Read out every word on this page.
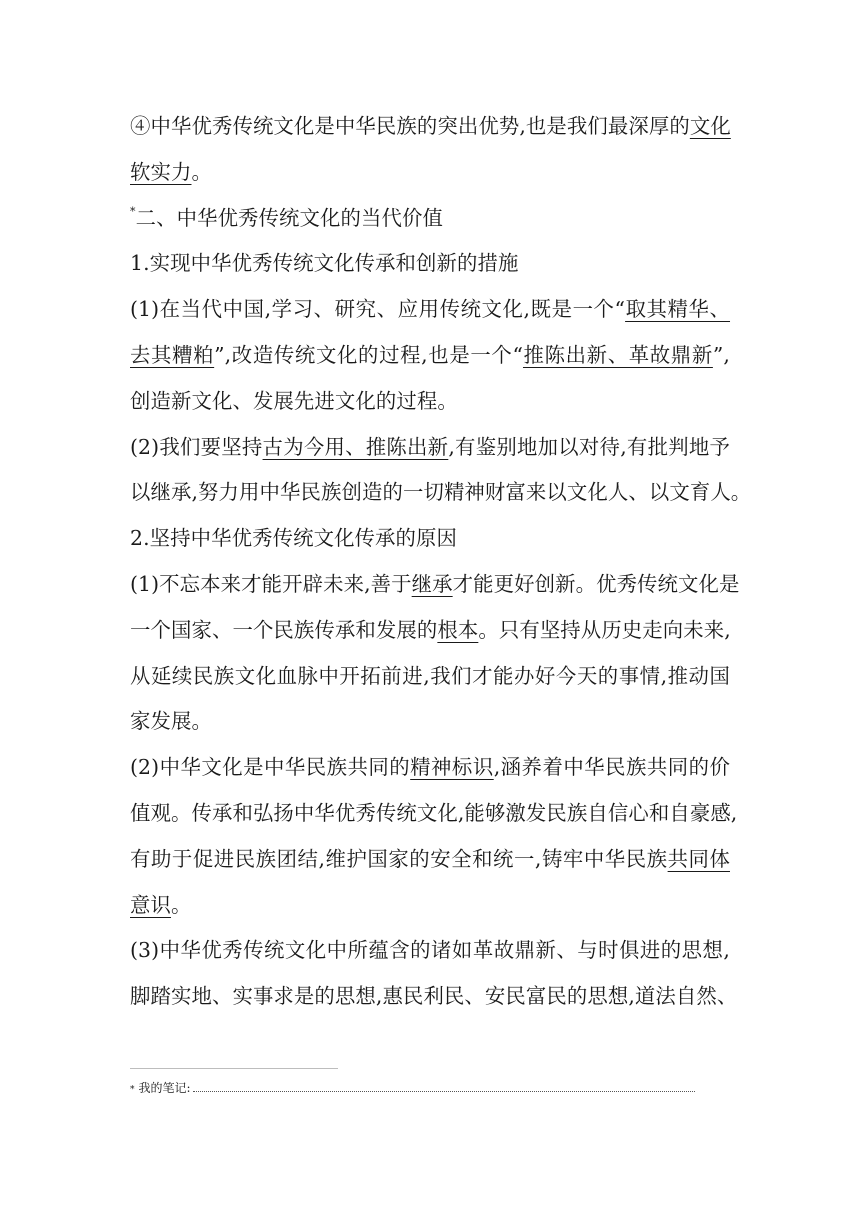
④中华优秀传统文化是中华民族的突出优势,也是我们最深厚的文化
软实力。
*二、中华优秀传统文化的当代价值
1.实现中华优秀传统文化传承和创新的措施
(1)在当代中国,学习、研究、应用传统文化,既是一个“取其精华、
去其糟粕”,改造传统文化的过程,也是一个“推陈出新、革故鼎新”,
创造新文化、发展先进文化的过程。
(2)我们要坚持古为今用、推陈出新,有鉴别地加以对待,有批判地予
以继承,努力用中华民族创造的一切精神财富来以文化人、以文育人。
2.坚持中华优秀传统文化传承的原因
(1)不忘本来才能开辟未来,善于继承才能更好创新。优秀传统文化是
一个国家、一个民族传承和发展的根本。只有坚持从历史走向未来,
从延续民族文化血脉中开拓前进,我们才能办好今天的事情,推动国
家发展。
(2)中华文化是中华民族共同的精神标识,涵养着中华民族共同的价
值观。传承和弘扬中华优秀传统文化,能够激发民族自信心和自豪感,
有助于促进民族团结,维护国家的安全和统一,铸牢中华民族共同体
意识。
(3)中华优秀传统文化中所蕴含的诸如革故鼎新、与时俱进的思想,
脚踏实地、实事求是的思想,惠民利民、安民富民的思想,道法自然、
* 我的笔记:
